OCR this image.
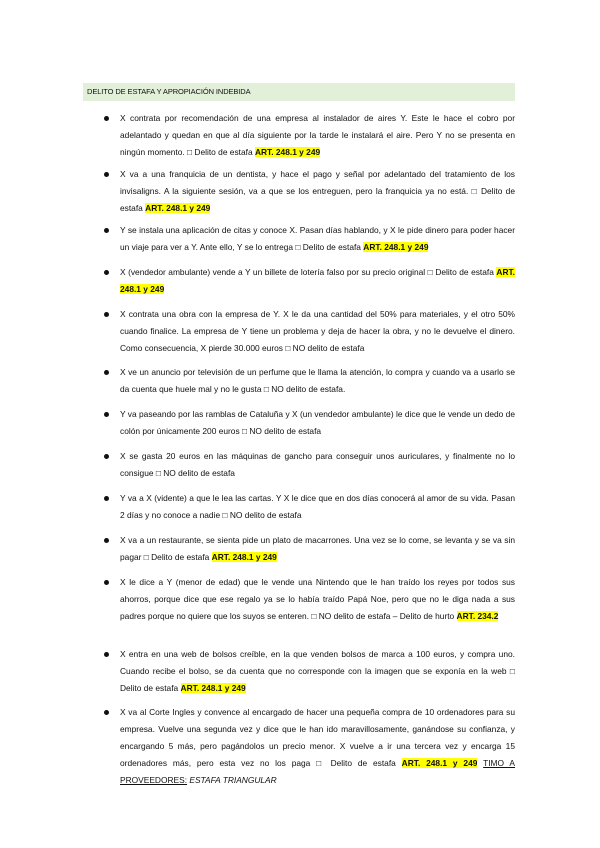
DELITO DE ESTAFA Y APROPIACIÓN INDEBIDA
X contrata por recomendación de una empresa al instalador de aires Y. Este le hace el cobro por adelantado y quedan en que al día siguiente por la tarde le instalará el aire. Pero Y no se presenta en ningún momento. □ Delito de estafa ART. 248.1 y 249
X va a una franquicia de un dentista, y hace el pago y señal por adelantado del tratamiento de los invisaligns. A la siguiente sesión, va a que se los entreguen, pero la franquicia ya no está. □ Delito de estafa ART. 248.1 y 249
Y se instala una aplicación de citas y conoce X. Pasan días hablando, y X le pide dinero para poder hacer un viaje para ver a Y. Ante ello, Y se lo entrega □ Delito de estafa ART. 248.1 y 249
X (vendedor ambulante) vende a Y un billete de lotería falso por su precio original □ Delito de estafa ART. 248.1 y 249
X contrata una obra con la empresa de Y. X le da una cantidad del 50% para materiales, y el otro 50% cuando finalice. La empresa de Y tiene un problema y deja de hacer la obra, y no le devuelve el dinero. Como consecuencia, X pierde 30.000 euros □ NO delito de estafa
X ve un anuncio por televisión de un perfume que le llama la atención, lo compra y cuando va a usarlo se da cuenta que huele mal y no le gusta □ NO delito de estafa.
Y va paseando por las ramblas de Cataluña y X (un vendedor ambulante) le dice que le vende un dedo de colón por únicamente 200 euros □ NO delito de estafa
X se gasta 20 euros en las máquinas de gancho para conseguir unos auriculares, y finalmente no lo consigue □ NO delito de estafa
Y va a X (vidente) a que le lea las cartas. Y X le dice que en dos días conocerá al amor de su vida. Pasan 2 días y no conoce a nadie □ NO delito de estafa
X va a un restaurante, se sienta pide un plato de macarrones. Una vez se lo come, se levanta y se va sin pagar □ Delito de estafa ART. 248.1 y 249
X le dice a Y (menor de edad) que le vende una Nintendo que le han traído los reyes por todos sus ahorros, porque dice que ese regalo ya se lo había traído Papá Noe, pero que no le diga nada a sus padres porque no quiere que los suyos se enteren. □ NO delito de estafa – Delito de hurto ART. 234.2
X entra en una web de bolsos creíble, en la que venden bolsos de marca a 100 euros, y compra uno. Cuando recibe el bolso, se da cuenta que no corresponde con la imagen que se exponía en la web □ Delito de estafa ART. 248.1 y 249
X va al Corte Ingles y convence al encargado de hacer una pequeña compra de 10 ordenadores para su empresa. Vuelve una segunda vez y dice que le han ido maravillosamente, ganándose su confianza, y encargando 5 más, pero pagándolos un precio menor. X vuelve a ir una tercera vez y encarga 15 ordenadores más, pero esta vez no los paga □ Delito de estafa ART. 248.1 y 249 TIMO A PROVEEDORES: ESTAFA TRIANGULAR
